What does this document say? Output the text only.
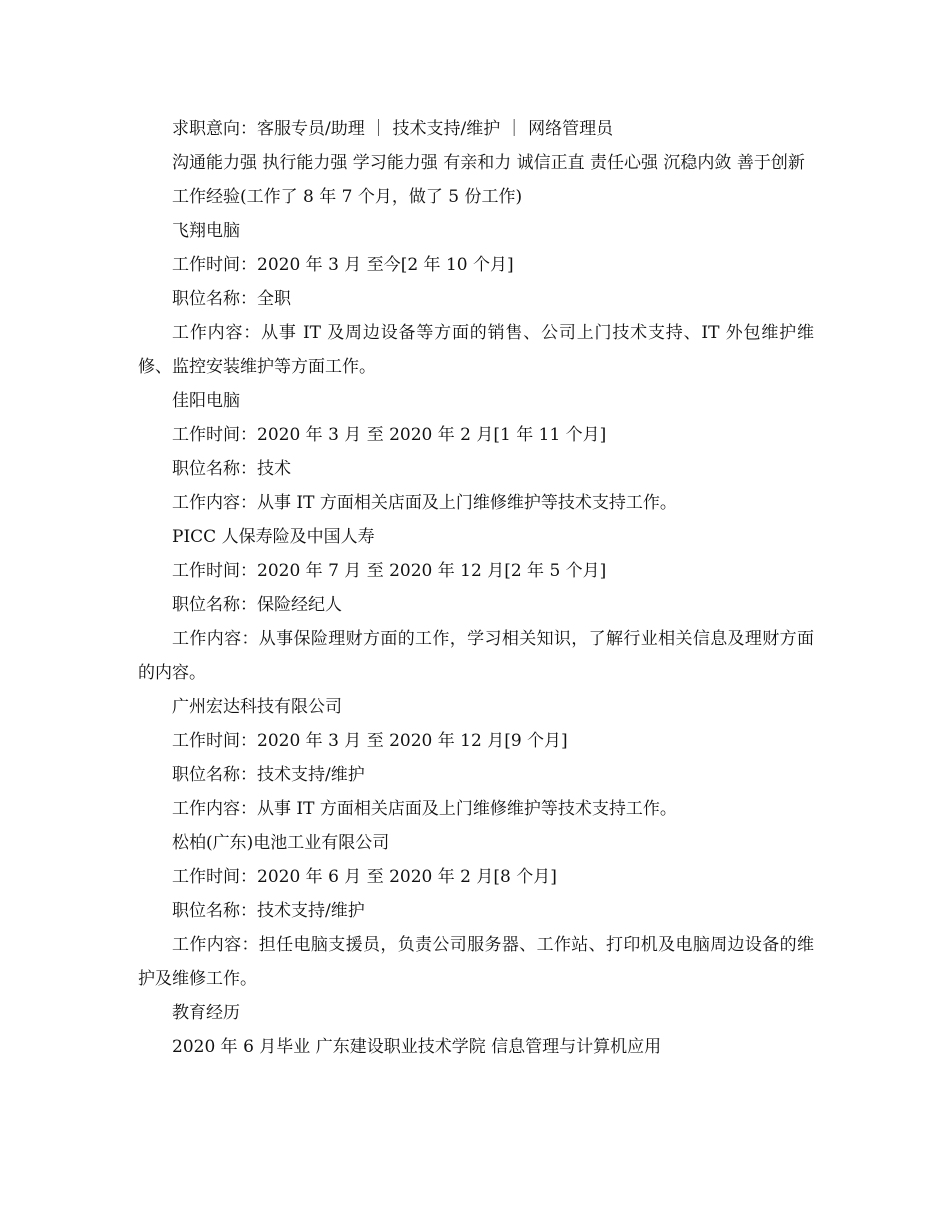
求职意向：客服专员/助理 ｜ 技术支持/维护 ｜ 网络管理员

沟通能力强 执行能力强 学习能力强 有亲和力 诚信正直 责任心强 沉稳内敛 善于创新

工作经验(工作了 8 年 7 个月，做了 5 份工作)

飞翔电脑

工作时间：2020 年 3 月 至今[2 年 10 个月]

职位名称：全职

工作内容：从事 IT 及周边设备等方面的销售、公司上门技术支持、IT 外包维护维修、监控安装维护等方面工作。

佳阳电脑

工作时间：2020 年 3 月 至 2020 年 2 月[1 年 11 个月]

职位名称：技术

工作内容：从事 IT 方面相关店面及上门维修维护等技术支持工作。

PICC 人保寿险及中国人寿

工作时间：2020 年 7 月 至 2020 年 12 月[2 年 5 个月]

职位名称：保险经纪人

工作内容：从事保险理财方面的工作，学习相关知识，了解行业相关信息及理财方面的内容。

广州宏达科技有限公司

工作时间：2020 年 3 月 至 2020 年 12 月[9 个月]

职位名称：技术支持/维护

工作内容：从事 IT 方面相关店面及上门维修维护等技术支持工作。

松柏(广东)电池工业有限公司

工作时间：2020 年 6 月 至 2020 年 2 月[8 个月]

职位名称：技术支持/维护

工作内容：担任电脑支援员，负责公司服务器、工作站、打印机及电脑周边设备的维护及维修工作。

教育经历

2020 年 6 月毕业 广东建设职业技术学院 信息管理与计算机应用
